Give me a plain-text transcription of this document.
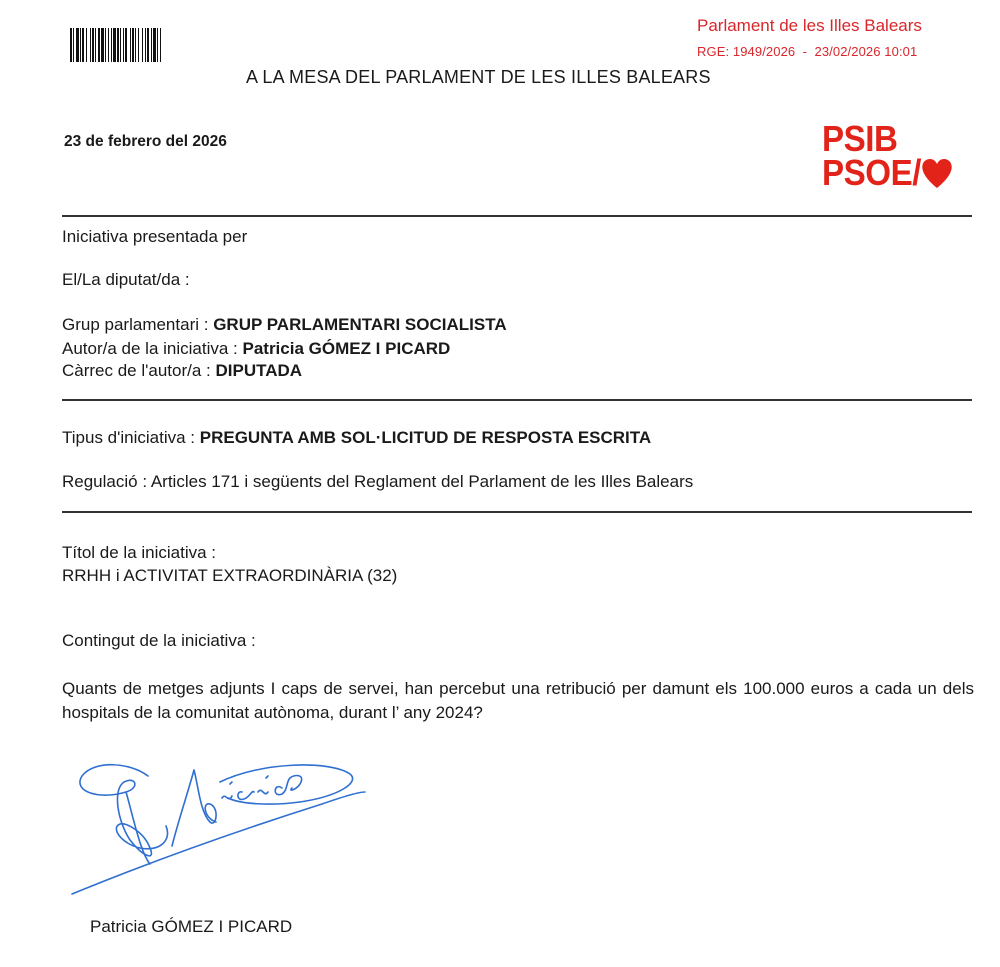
Parlament de les Illes Balears
RGE: 1949/2026  -  23/02/2026 10:01
A LA MESA DEL PARLAMENT DE LES ILLES BALEARS
23 de febrero del 2026	PSIB
PSOE/
Iniciativa presentada per
El/La diputat/da :
Grup parlamentari : GRUP PARLAMENTARI SOCIALISTA
Autor/a de la iniciativa : Patricia GÓMEZ I PICARD
Càrrec de l'autor/a : DIPUTADA
Tipus d'iniciativa : PREGUNTA AMB SOL·LICITUD DE RESPOSTA ESCRITA
Regulació : Articles 171 i següents del Reglament del Parlament de les Illes Balears
Títol de la iniciativa :
RRHH i ACTIVITAT EXTRAORDINÀRIA (32)
Contingut de la iniciativa :
Quants de metges adjunts I caps de servei, han percebut una retribució per damunt els 100.000 euros a cada un dels hospitals de la comunitat autònoma, durant l’ any 2024?
Patricia GÓMEZ I PICARD
